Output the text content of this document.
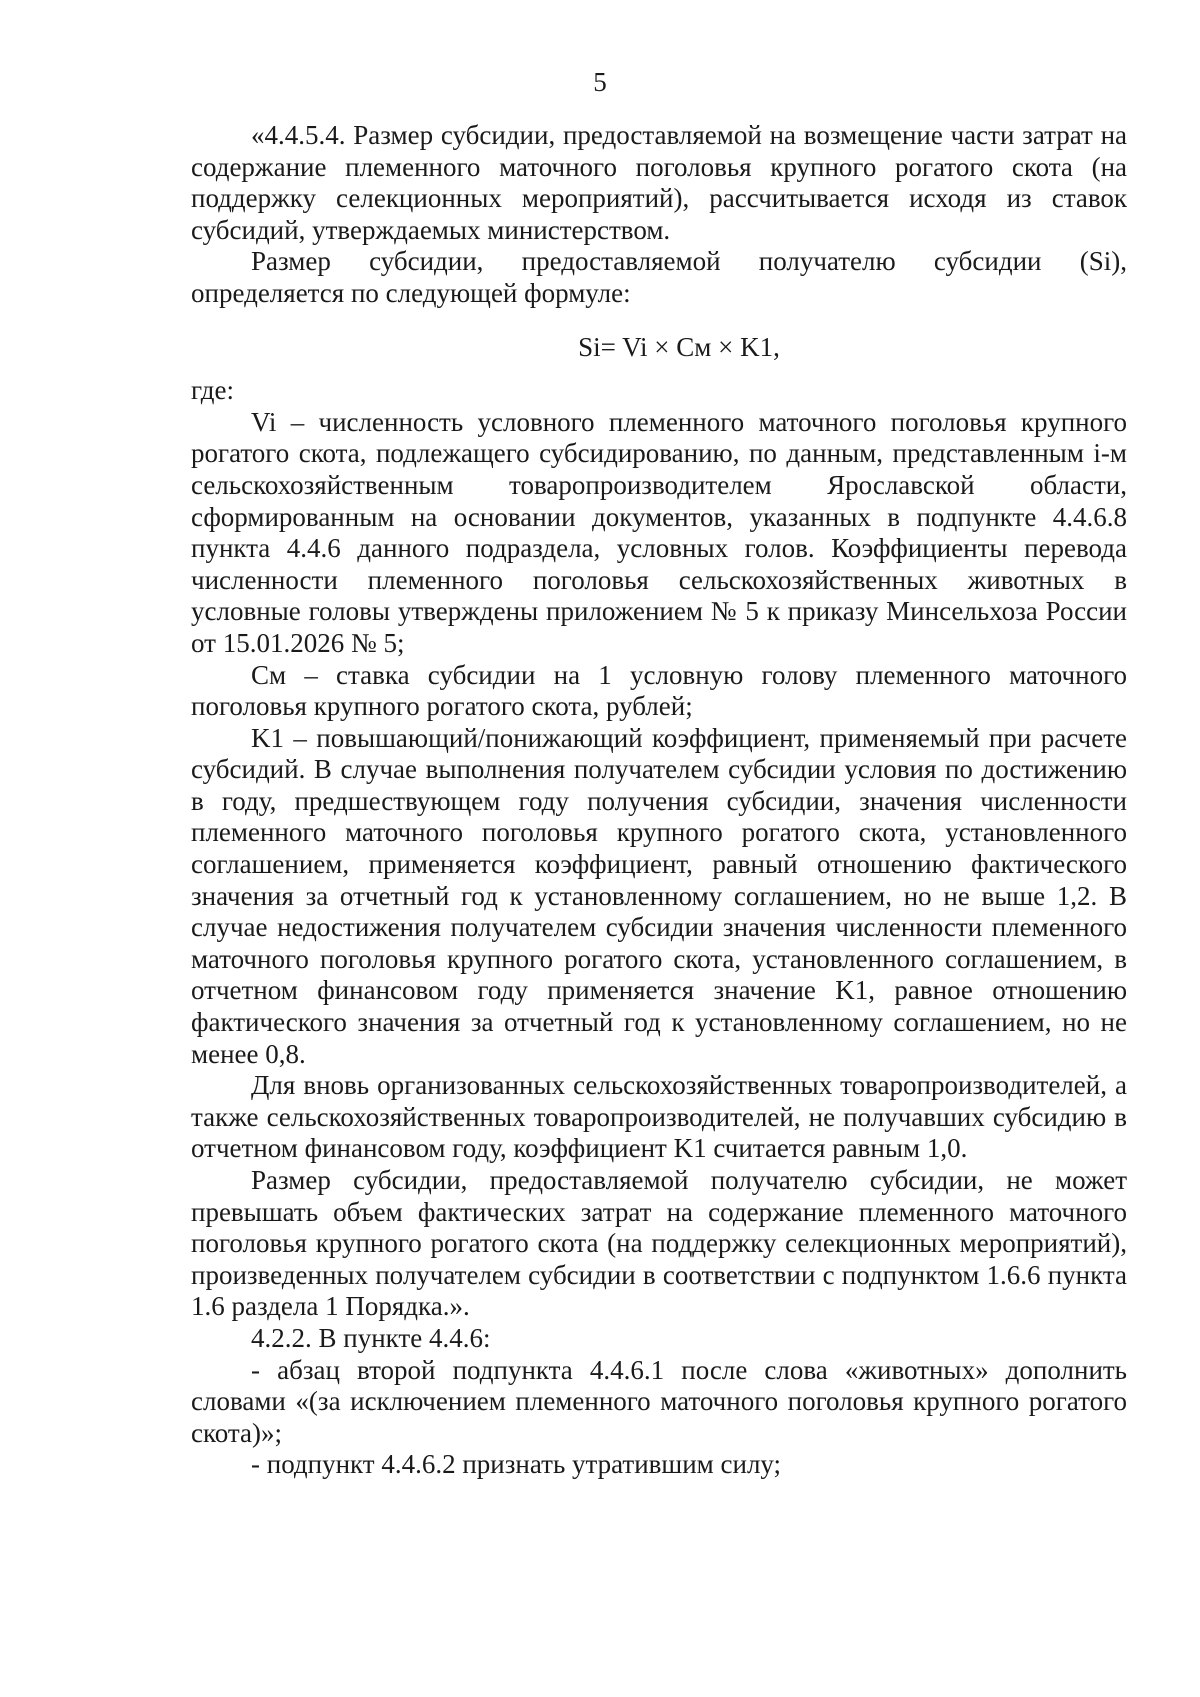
5

«4.4.5.4. Размер субсидии, предоставляемой на возмещение части затрат на содержание племенного маточного поголовья крупного рогатого скота (на поддержку селекционных мероприятий), рассчитывается исходя из ставок субсидий, утверждаемых министерством.

Размер субсидии, предоставляемой получателю субсидии (Si), определяется по следующей формуле:

Si= Vi × Cм × K1,

где:

Vi – численность условного племенного маточного поголовья крупного рогатого скота, подлежащего субсидированию, по данным, представленным i-м сельскохозяйственным товаропроизводителем Ярославской области, сформированным на основании документов, указанных в подпункте 4.4.6.8 пункта 4.4.6 данного подраздела, условных голов. Коэффициенты перевода численности племенного поголовья сельскохозяйственных животных в условные головы утверждены приложением № 5 к приказу Минсельхоза России от 15.01.2026 № 5;

Cм – ставка субсидии на 1 условную голову племенного маточного поголовья крупного рогатого скота, рублей;

K1 – повышающий/понижающий коэффициент, применяемый при расчете субсидий. В случае выполнения получателем субсидии условия по достижению в году, предшествующем году получения субсидии, значения численности племенного маточного поголовья крупного рогатого скота, установленного соглашением, применяется коэффициент, равный отношению фактического значения за отчетный год к установленному соглашением, но не выше 1,2. В случае недостижения получателем субсидии значения численности племенного маточного поголовья крупного рогатого скота, установленного соглашением, в отчетном финансовом году применяется значение K1, равное отношению фактического значения за отчетный год к установленному соглашением, но не менее 0,8.

Для вновь организованных сельскохозяйственных товаропроизводителей, а также сельскохозяйственных товаропроизводителей, не получавших субсидию в отчетном финансовом году, коэффициент K1 считается равным 1,0.

Размер субсидии, предоставляемой получателю субсидии, не может превышать объем фактических затрат на содержание племенного маточного поголовья крупного рогатого скота (на поддержку селекционных мероприятий), произведенных получателем субсидии в соответствии с подпунктом 1.6.6 пункта 1.6 раздела 1 Порядка.».

4.2.2. В пункте 4.4.6:

- абзац второй подпункта 4.4.6.1 после слова «животных» дополнить словами «(за исключением племенного маточного поголовья крупного рогатого скота)»;

- подпункт 4.4.6.2 признать утратившим силу;
